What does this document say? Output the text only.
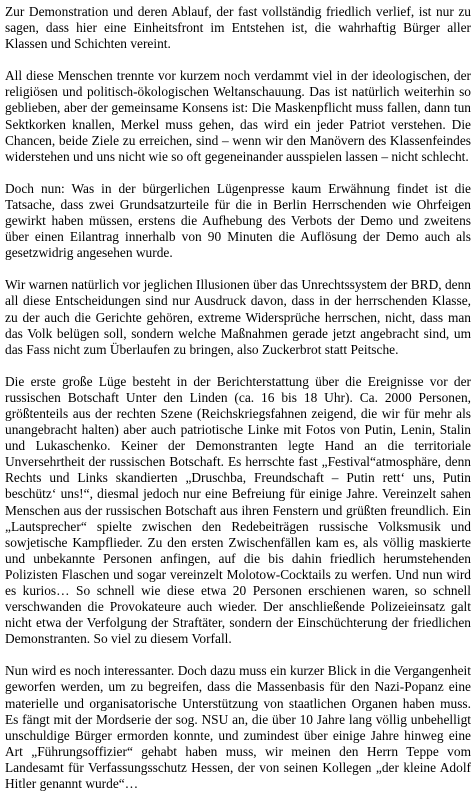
Zur Demonstration und deren Ablauf, der fast vollständig friedlich verlief, ist nur zu sagen, dass hier eine Einheitsfront im Entstehen ist, die wahrhaftig Bürger aller Klassen und Schichten vereint.

All diese Menschen trennte vor kurzem noch verdammt viel in der ideologischen, der religiösen und politisch-ökologischen Weltanschauung. Das ist natürlich weiterhin so geblieben, aber der gemeinsame Konsens ist: Die Maskenpflicht muss fallen, dann tun Sektkorken knallen, Merkel muss gehen, das wird ein jeder Patriot verstehen. Die Chancen, beide Ziele zu erreichen, sind – wenn wir den Manövern des Klassenfeindes widerstehen und uns nicht wie so oft gegeneinander ausspielen lassen – nicht schlecht.

Doch nun: Was in der bürgerlichen Lügenpresse kaum Erwähnung findet ist die Tatsache, dass zwei Grundsatzurteile für die in Berlin Herrschenden wie Ohrfeigen gewirkt haben müssen, erstens die Aufhebung des Verbots der Demo und zweitens über einen Eilantrag innerhalb von 90 Minuten die Auflösung der Demo auch als gesetzwidrig angesehen wurde.

Wir warnen natürlich vor jeglichen Illusionen über das Unrechtssystem der BRD, denn all diese Entscheidungen sind nur Ausdruck davon, dass in der herrschenden Klasse, zu der auch die Gerichte gehören, extreme Widersprüche herrschen, nicht, dass man das Volk belügen soll, sondern welche Maßnahmen gerade jetzt angebracht sind, um das Fass nicht zum Überlaufen zu bringen, also Zuckerbrot statt Peitsche.

Die erste große Lüge besteht in der Berichterstattung über die Ereignisse vor der russischen Botschaft Unter den Linden (ca. 16 bis 18 Uhr). Ca. 2000 Personen, größtenteils aus der rechten Szene (Reichskriegsfahnen zeigend, die wir für mehr als unangebracht halten) aber auch patriotische Linke mit Fotos von Putin, Lenin, Stalin und Lukaschenko. Keiner der Demonstranten legte Hand an die territoriale Unversehrtheit der russischen Botschaft. Es herrschte fast „Festival“atmosphäre, denn Rechts und Links skandierten „Druschba, Freundschaft – Putin rett‘ uns, Putin beschütz‘ uns!“, diesmal jedoch nur eine Befreiung für einige Jahre. Vereinzelt sahen Menschen aus der russischen Botschaft aus ihren Fenstern und grüßten freundlich. Ein „Lautsprecher“ spielte zwischen den Redebeiträgen russische Volksmusik und sowjetische Kampflieder. Zu den ersten Zwischenfällen kam es, als völlig maskierte und unbekannte Personen anfingen, auf die bis dahin friedlich herumstehenden Polizisten Flaschen und sogar vereinzelt Molotow-Cocktails zu werfen. Und nun wird es kurios… So schnell wie diese etwa 20 Personen erschienen waren, so schnell verschwanden die Provokateure auch wieder. Der anschließende Polizeieinsatz galt nicht etwa der Verfolgung der Straftäter, sondern der Einschüchterung der friedlichen Demonstranten. So viel zu diesem Vorfall.

Nun wird es noch interessanter. Doch dazu muss ein kurzer Blick in die Vergangenheit geworfen werden, um zu begreifen, dass die Massenbasis für den Nazi-Popanz eine materielle und organisatorische Unterstützung von staatlichen Organen haben muss. Es fängt mit der Mordserie der sog. NSU an, die über 10 Jahre lang völlig unbehelligt unschuldige Bürger ermorden konnte, und zumindest über einige Jahre hinweg eine Art „Führungsoffizier“ gehabt haben muss, wir meinen den Herrn Teppe vom Landesamt für Verfassungsschutz Hessen, der von seinen Kollegen „der kleine Adolf Hitler genannt wurde“…
